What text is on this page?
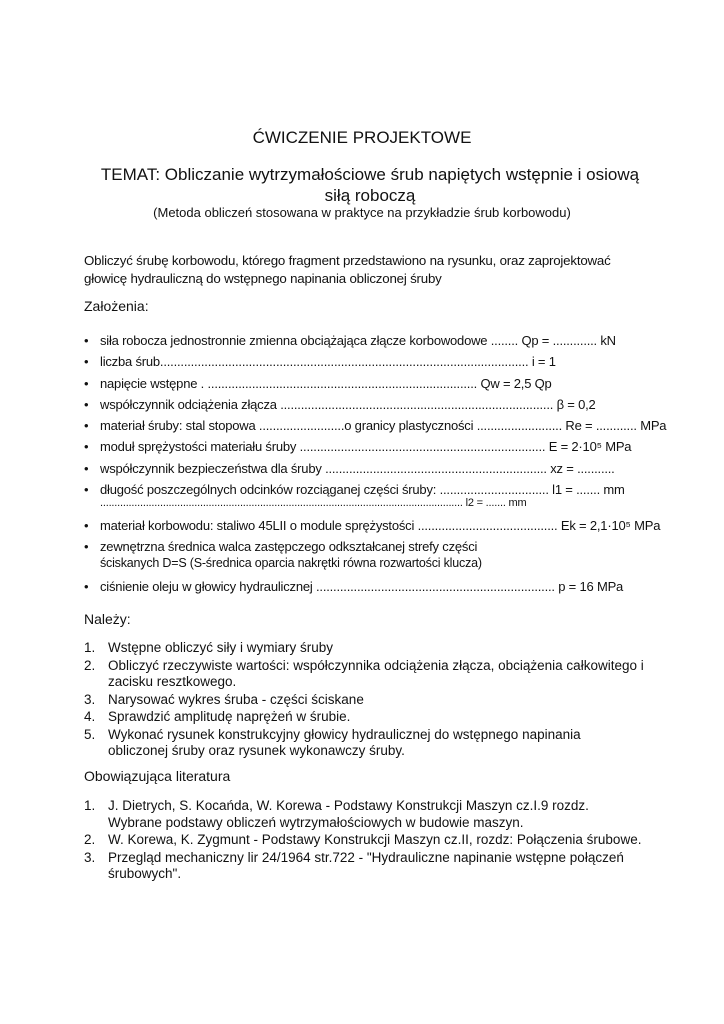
ĆWICZENIE PROJEKTOWE
TEMAT: Obliczanie wytrzymałościowe śrub napiętych wstępnie i osiową siłą roboczą
(Metoda obliczeń stosowana w praktyce na przykładzie śrub korbowodu)
Obliczyć śrubę korbowodu, którego fragment przedstawiono na rysunku, oraz zaprojektować głowicę hydrauliczną do wstępnego napinania obliczonej śruby
Założenia:
• siła robocza jednostronnie zmienna obciążająca złącze korbowodowe ........ Qp = ............. kN
• liczba śrub............................................................................................................ i = 1
• napięcie wstępne . ............................................................................... Qw = 2,5 Qp
• współczynnik odciążenia złącza ................................................................................ β = 0,2
• materiał śruby: stal stopowa .........................o granicy plastyczności ......................... Re = ............ MPa
• moduł sprężystości materiału śruby ........................................................................ E = 2·10⁵ MPa
• współczynnik bezpieczeństwa dla śruby ................................................................. xz = ...........
• długość poszczególnych odcinków rozciąganej części śruby: ................................ l1 = ....... mm
............................................................................................................................... l2 = ....... mm
• materiał korbowodu: staliwo 45LII o module sprężystości ......................................... Ek = 2,1·10⁵ MPa
• zewnętrzna średnica walca zastępczego odkształcanej strefy części
ściskanych D=S (S-średnica oparcia nakrętki równa rozwartości klucza)
• ciśnienie oleju w głowicy hydraulicznej ...................................................................... p = 16 MPa
Należy:
1. Wstępne obliczyć siły i wymiary śruby
2. Obliczyć rzeczywiste wartości: współczynnika odciążenia złącza, obciążenia całkowitego i zacisku resztkowego.
3. Narysować wykres śruba - części ściskane
4. Sprawdzić amplitudę naprężeń w śrubie.
5. Wykonać rysunek konstrukcyjny głowicy hydraulicznej do wstępnego napinania obliczonej śruby oraz rysunek wykonawczy śruby.
Obowiązująca literatura
1. J. Dietrych, S. Kocańda, W. Korewa - Podstawy Konstrukcji Maszyn cz.I.9 rozdz. Wybrane podstawy obliczeń wytrzymałościowych w budowie maszyn.
2. W. Korewa, K. Zygmunt - Podstawy Konstrukcji Maszyn cz.II, rozdz: Połączenia śrubowe.
3. Przegląd mechaniczny lir 24/1964 str.722 - "Hydrauliczne napinanie wstępne połączeń śrubowych".
